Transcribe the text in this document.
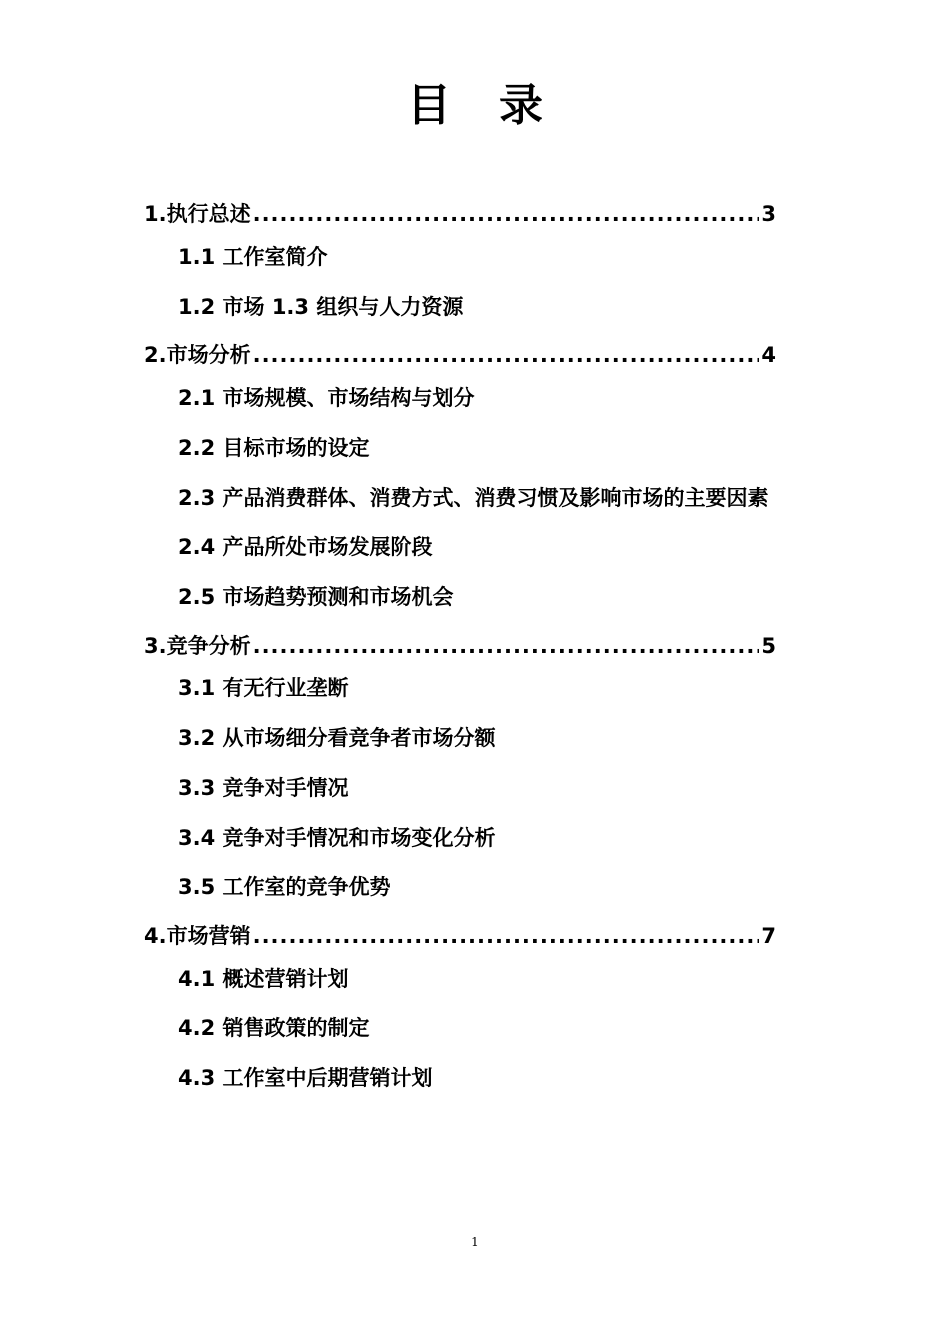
目 录
1. 执行总述 .....	3
1.1 工作室简介
1.2 市场 1.3 组织与人力资源
2. 市场分析 .....	4
2.1 市场规模、市场结构与划分
2.2 目标市场的设定
2.3 产品消费群体、消费方式、消费习惯及影响市场的主要因素
2.4 产品所处市场发展阶段
2.5 市场趋势预测和市场机会
3. 竞争分析 .....	5
3.1 有无行业垄断
3.2 从市场细分看竞争者市场分额
3.3 竞争对手情况
3.4 竞争对手情况和市场变化分析
3.5 工作室的竞争优势
4. 市场营销 .....	7
4.1 概述营销计划
4.2 销售政策的制定
4.3 工作室中后期营销计划
1
